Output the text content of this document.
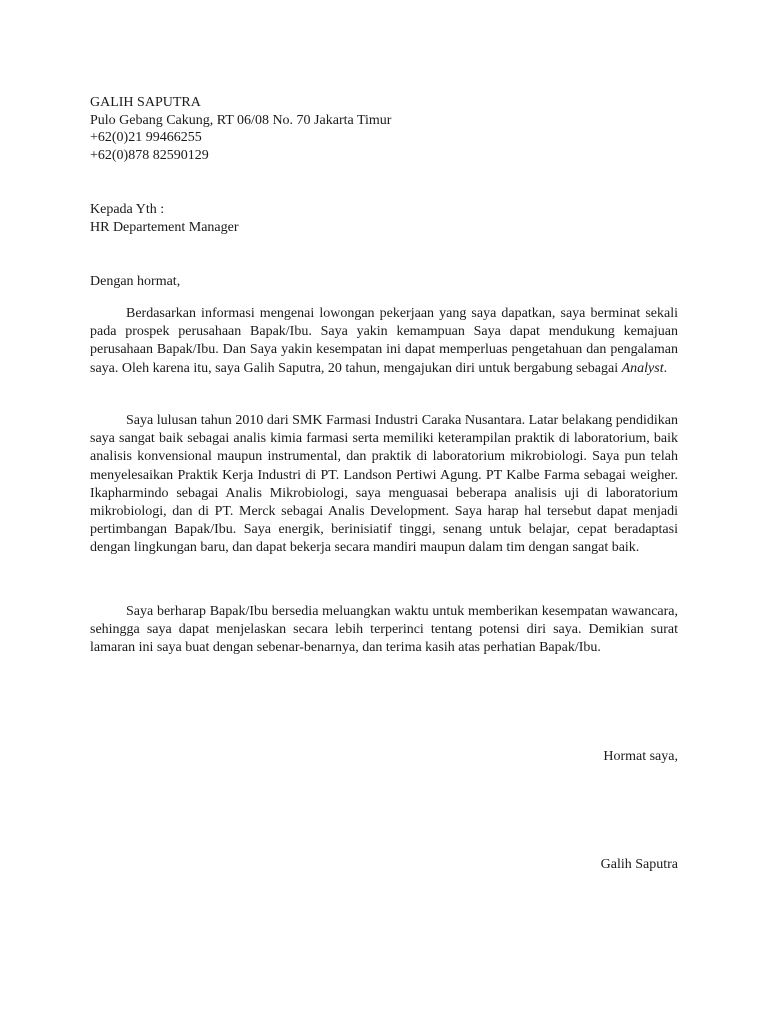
GALIH SAPUTRA
Pulo Gebang Cakung, RT 06/08 No. 70 Jakarta Timur
+62(0)21 99466255
+62(0)878 82590129
Kepada Yth :
HR Departement Manager
Dengan hormat,

Berdasarkan informasi mengenai lowongan pekerjaan yang saya dapatkan, saya berminat sekali pada prospek perusahaan Bapak/Ibu. Saya yakin kemampuan Saya dapat mendukung kemajuan perusahaan Bapak/Ibu. Dan Saya yakin kesempatan ini dapat memperluas pengetahuan dan pengalaman saya. Oleh karena itu, saya Galih Saputra, 20 tahun, mengajukan diri untuk bergabung sebagai Analyst.

Saya lulusan tahun 2010 dari SMK Farmasi Industri Caraka Nusantara. Latar belakang pendidikan saya sangat baik sebagai analis kimia farmasi serta memiliki keterampilan praktik di laboratorium, baik analisis konvensional maupun instrumental, dan praktik di laboratorium mikrobiologi. Saya pun telah menyelesaikan Praktik Kerja Industri di PT. Landson Pertiwi Agung. PT Kalbe Farma sebagai weigher. Ikapharmindo sebagai Analis Mikrobiologi, saya menguasai beberapa analisis uji di laboratorium mikrobiologi, dan di PT. Merck sebagai Analis Development. Saya harap hal tersebut dapat menjadi pertimbangan Bapak/Ibu. Saya energik, berinisiatif tinggi, senang untuk belajar, cepat beradaptasi dengan lingkungan baru, dan dapat bekerja secara mandiri maupun dalam tim dengan sangat baik.

Saya berharap Bapak/Ibu bersedia meluangkan waktu untuk memberikan kesempatan wawancara, sehingga saya dapat menjelaskan secara lebih terperinci tentang potensi diri saya. Demikian surat lamaran ini saya buat dengan sebenar-benarnya, dan terima kasih atas perhatian Bapak/Ibu.

Hormat saya,
Galih Saputra
